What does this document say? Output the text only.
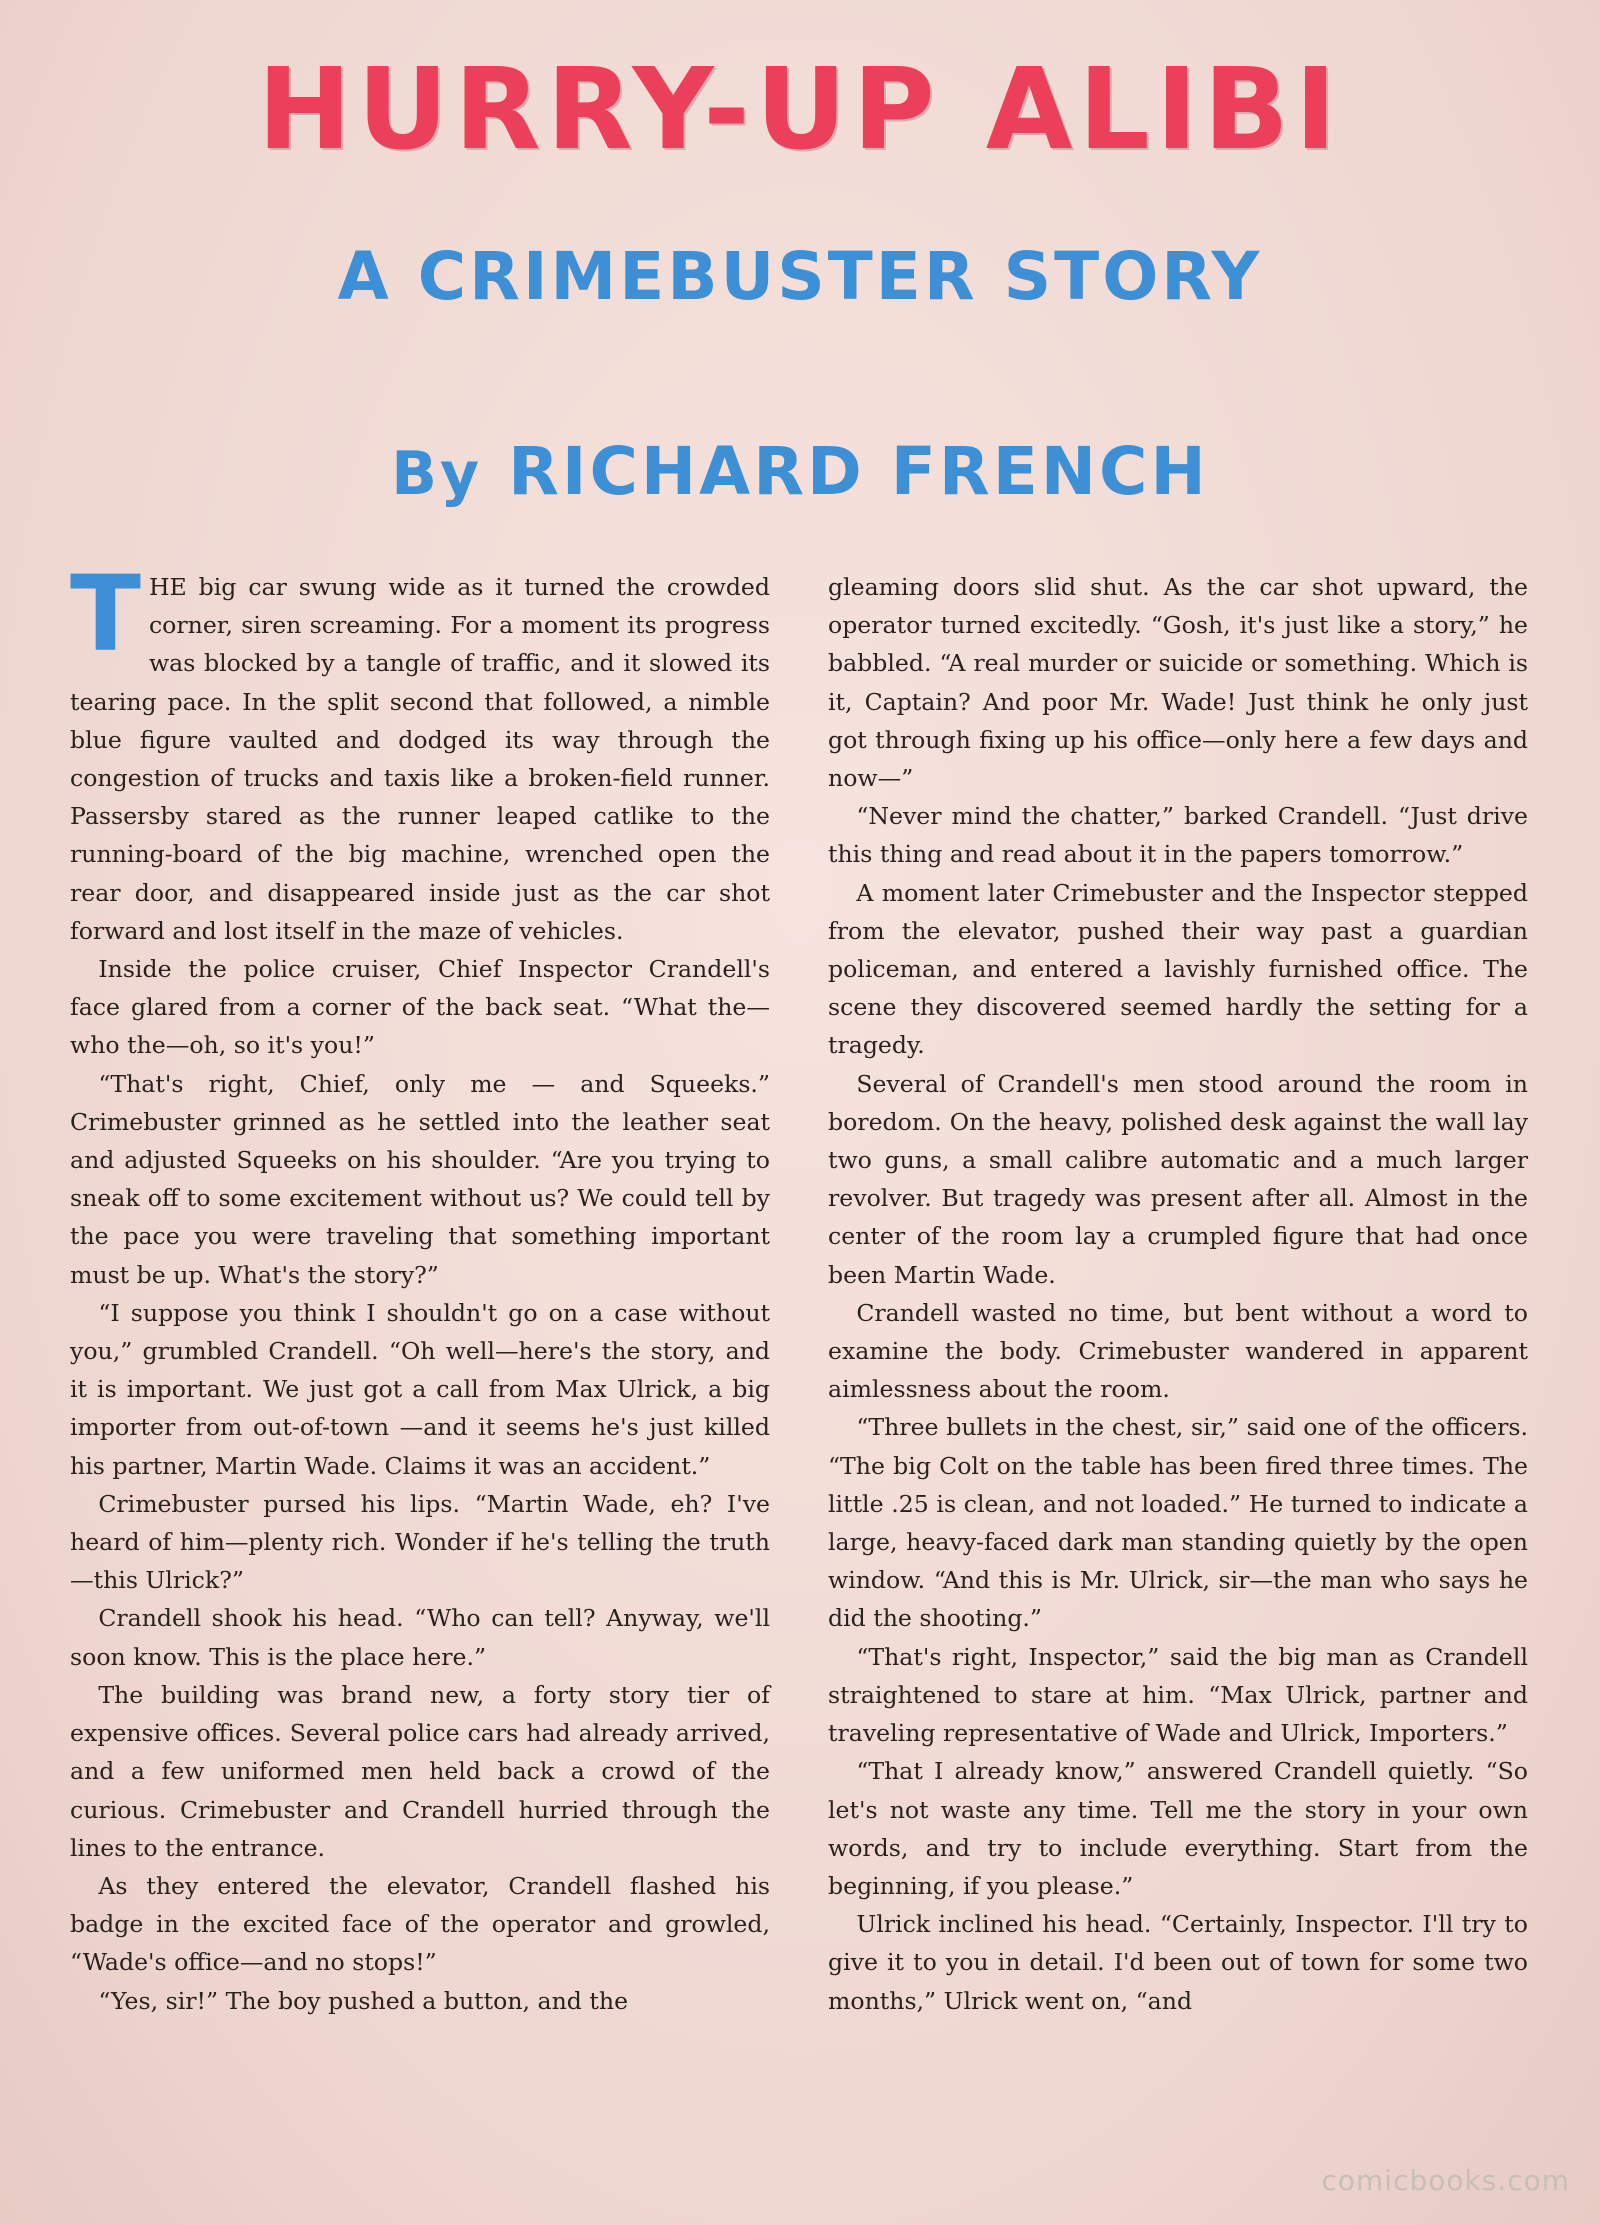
HURRY-UP ALIBI
A CRIMEBUSTER STORY
By RICHARD FRENCH

THE big car swung wide as it turned the crowded corner, siren screaming. For a moment its progress was blocked by a tangle of traffic, and it slowed its tearing pace. In the split second that followed, a nimble blue figure vaulted and dodged its way through the congestion of trucks and taxis like a broken-field runner. Passersby stared as the runner leaped catlike to the running-board of the big machine, wrenched open the rear door, and disappeared inside just as the car shot forward and lost itself in the maze of vehicles.

Inside the police cruiser, Chief Inspector Crandell's face glared from a corner of the back seat. “What the—who the—oh, so it's you!”

“That's right, Chief, only me — and Squeeks.” Crimebuster grinned as he settled into the leather seat and adjusted Squeeks on his shoulder. “Are you trying to sneak off to some excitement without us? We could tell by the pace you were traveling that something important must be up. What's the story?”

“I suppose you think I shouldn't go on a case without you,” grumbled Crandell. “Oh well—here's the story, and it is important. We just got a call from Max Ulrick, a big importer from out-of-town —and it seems he's just killed his partner, Martin Wade. Claims it was an accident.”

Crimebuster pursed his lips. “Martin Wade, eh? I've heard of him—plenty rich. Wonder if he's telling the truth—this Ulrick?”

Crandell shook his head. “Who can tell? Anyway, we'll soon know. This is the place here.”

The building was brand new, a forty story tier of expensive offices. Several police cars had already arrived, and a few uniformed men held back a crowd of the curious. Crimebuster and Crandell hurried through the lines to the entrance.

As they entered the elevator, Crandell flashed his badge in the excited face of the operator and growled, “Wade's office—and no stops!”

“Yes, sir!” The boy pushed a button, and the

gleaming doors slid shut. As the car shot upward, the operator turned excitedly. “Gosh, it's just like a story,” he babbled. “A real murder or suicide or something. Which is it, Captain? And poor Mr. Wade! Just think he only just got through fixing up his office—only here a few days and now—”

“Never mind the chatter,” barked Crandell. “Just drive this thing and read about it in the papers tomorrow.”

A moment later Crimebuster and the Inspector stepped from the elevator, pushed their way past a guardian policeman, and entered a lavishly furnished office. The scene they discovered seemed hardly the setting for a tragedy.

Several of Crandell's men stood around the room in boredom. On the heavy, polished desk against the wall lay two guns, a small calibre automatic and a much larger revolver. But tragedy was present after all. Almost in the center of the room lay a crumpled figure that had once been Martin Wade.

Crandell wasted no time, but bent without a word to examine the body. Crimebuster wandered in apparent aimlessness about the room.

“Three bullets in the chest, sir,” said one of the officers. “The big Colt on the table has been fired three times. The little .25 is clean, and not loaded.” He turned to indicate a large, heavy-faced dark man standing quietly by the open window. “And this is Mr. Ulrick, sir—the man who says he did the shooting.”

“That's right, Inspector,” said the big man as Crandell straightened to stare at him. “Max Ulrick, partner and traveling representative of Wade and Ulrick, Importers.”

“That I already know,” answered Crandell quietly. “So let's not waste any time. Tell me the story in your own words, and try to include everything. Start from the beginning, if you please.”

Ulrick inclined his head. “Certainly, Inspector. I'll try to give it to you in detail. I'd been out of town for some two months,” Ulrick went on, “and

comicbooks.com
